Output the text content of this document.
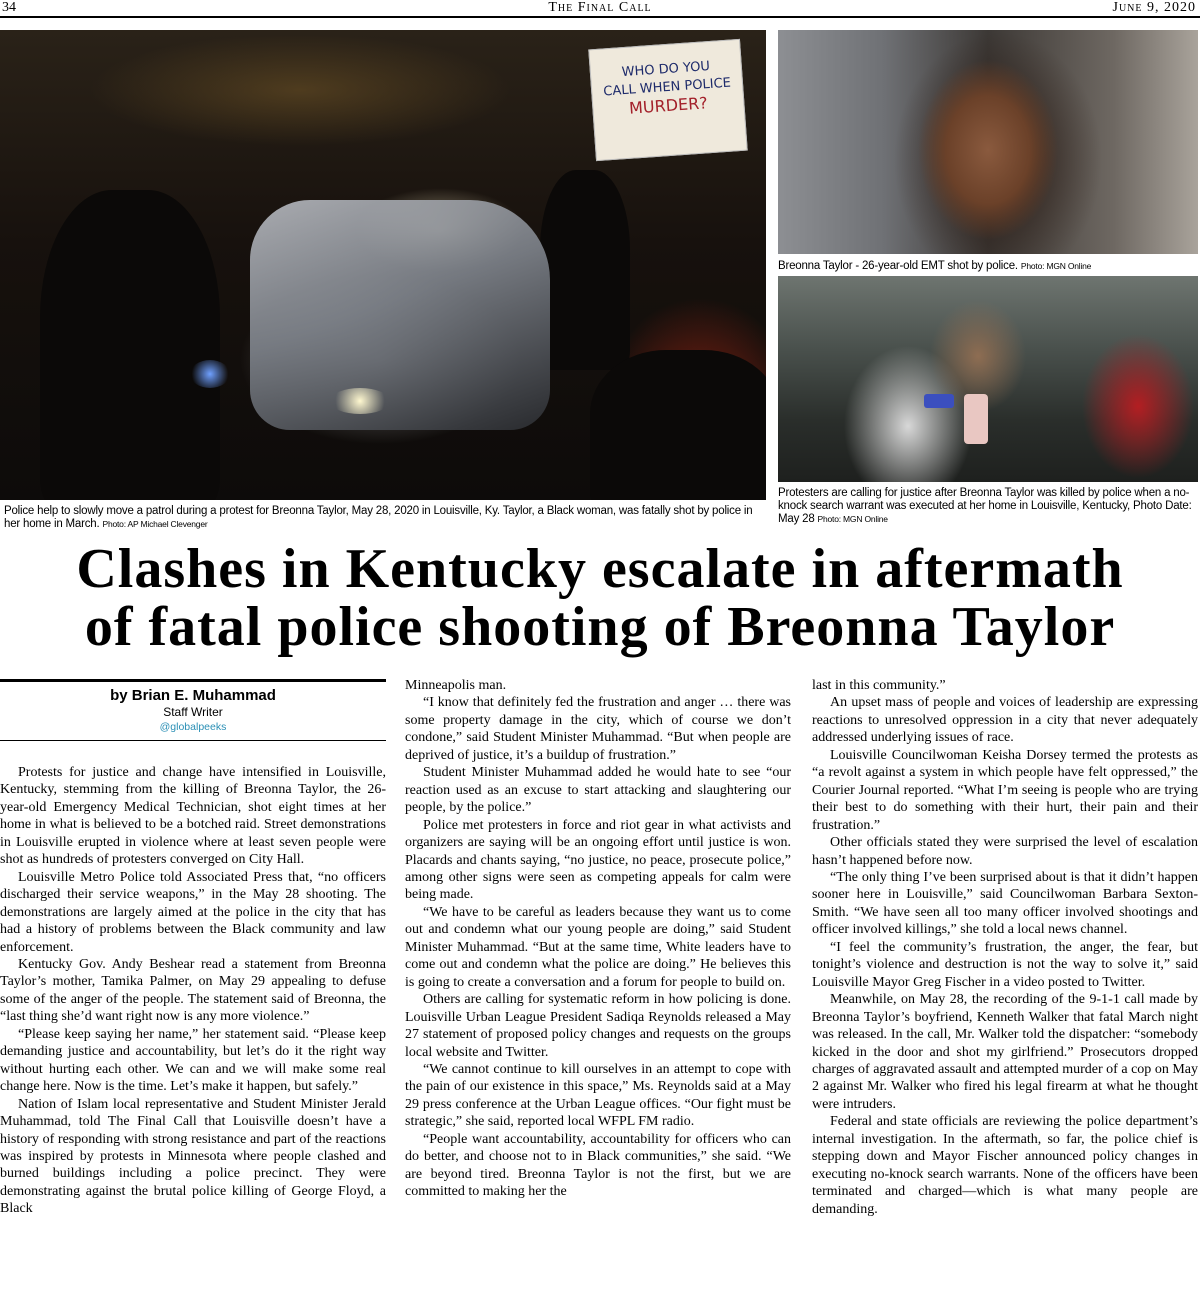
34	The Final Call	June 9, 2020
WHO DO YOU
CALL WHEN POLICE
MURDER?
Police help to slowly move a patrol during a protest for Breonna Taylor, May 28, 2020 in Louisville, Ky. Taylor, a Black woman, was fatally shot by police in her home in March. Photo: AP Michael Clevenger
Breonna Taylor - 26-year-old EMT shot by police. Photo: MGN Online
Protesters are calling for justice after Breonna Taylor was killed by police when a no-knock search warrant was executed at her home in Louisville, Kentucky, Photo Date: May 28 Photo: MGN Online
Clashes in Kentucky escalate in aftermath
of fatal police shooting of Breonna Taylor
by Brian E. Muhammad
Staff Writer
@globalpeeks

Protests for justice and change have intensified in Louisville, Kentucky, stemming from the killing of Breonna Taylor, the 26-year-old Emergency Medical Technician, shot eight times at her home in what is believed to be a botched raid. Street demonstrations in Louisville erupted in violence where at least seven people were shot as hundreds of protesters converged on City Hall.

Louisville Metro Police told Associated Press that, “no officers discharged their service weapons,” in the May 28 shooting. The demonstrations are largely aimed at the police in the city that has had a history of problems between the Black community and law enforcement.

Kentucky Gov. Andy Beshear read a statement from Breonna Taylor’s mother, Tamika Palmer, on May 29 appealing to defuse some of the anger of the people. The statement said of Breonna, the “last thing she’d want right now is any more violence.”

“Please keep saying her name,” her statement said. “Please keep demanding justice and accountability, but let’s do it the right way without hurting each other. We can and we will make some real change here. Now is the time. Let’s make it happen, but safely.”

Nation of Islam local representative and Student Minister Jerald Muhammad, told The Final Call that Louisville doesn’t have a history of responding with strong resistance and part of the reactions was inspired by protests in Minnesota where people clashed and burned buildings including a police precinct. They were demonstrating against the brutal police killing of George Floyd, a Black

Minneapolis man.

“I know that definitely fed the frustration and anger … there was some property damage in the city, which of course we don’t condone,” said Student Minister Muhammad. “But when people are deprived of justice, it’s a buildup of frustration.”

Student Minister Muhammad added he would hate to see “our reaction used as an excuse to start attacking and slaughtering our people, by the police.”

Police met protesters in force and riot gear in what activists and organizers are saying will be an ongoing effort until justice is won. Placards and chants saying, “no justice, no peace, prosecute police,” among other signs were seen as competing appeals for calm were being made.

“We have to be careful as leaders because they want us to come out and condemn what our young people are doing,” said Student Minister Muhammad. “But at the same time, White leaders have to come out and condemn what the police are doing.” He believes this is going to create a conversation and a forum for people to build on.

Others are calling for systematic reform in how policing is done. Louisville Urban League President Sadiqa Reynolds released a May 27 statement of proposed policy changes and requests on the groups local website and Twitter.

“We cannot continue to kill ourselves in an attempt to cope with the pain of our existence in this space,” Ms. Reynolds said at a May 29 press conference at the Urban League offices. “Our fight must be strategic,” she said, reported local WFPL FM radio.

“People want accountability, accountability for officers who can do better, and choose not to in Black communities,” she said. “We are beyond tired. Breonna Taylor is not the first, but we are committed to making her the

last in this community.”

An upset mass of people and voices of leadership are expressing reactions to unresolved oppression in a city that never adequately addressed underlying issues of race.

Louisville Councilwoman Keisha Dorsey termed the protests as “a revolt against a system in which people have felt oppressed,” the Courier Journal reported. “What I’m seeing is people who are trying their best to do something with their hurt, their pain and their frustration.”

Other officials stated they were surprised the level of escalation hasn’t happened before now.

“The only thing I’ve been surprised about is that it didn’t happen sooner here in Louisville,” said Councilwoman Barbara Sexton-Smith. “We have seen all too many officer involved shootings and officer involved killings,” she told a local news channel.

“I feel the community’s frustration, the anger, the fear, but tonight’s violence and destruction is not the way to solve it,” said Louisville Mayor Greg Fischer in a video posted to Twitter.

Meanwhile, on May 28, the recording of the 9-1-1 call made by Breonna Taylor’s boyfriend, Kenneth Walker that fatal March night was released. In the call, Mr. Walker told the dispatcher: “somebody kicked in the door and shot my girlfriend.” Prosecutors dropped charges of aggravated assault and attempted murder of a cop on May 2 against Mr. Walker who fired his legal firearm at what he thought were intruders.

Federal and state officials are reviewing the police department’s internal investigation. In the aftermath, so far, the police chief is stepping down and Mayor Fischer announced policy changes in executing no-knock search warrants. None of the officers have been terminated and charged—which is what many people are demanding.
